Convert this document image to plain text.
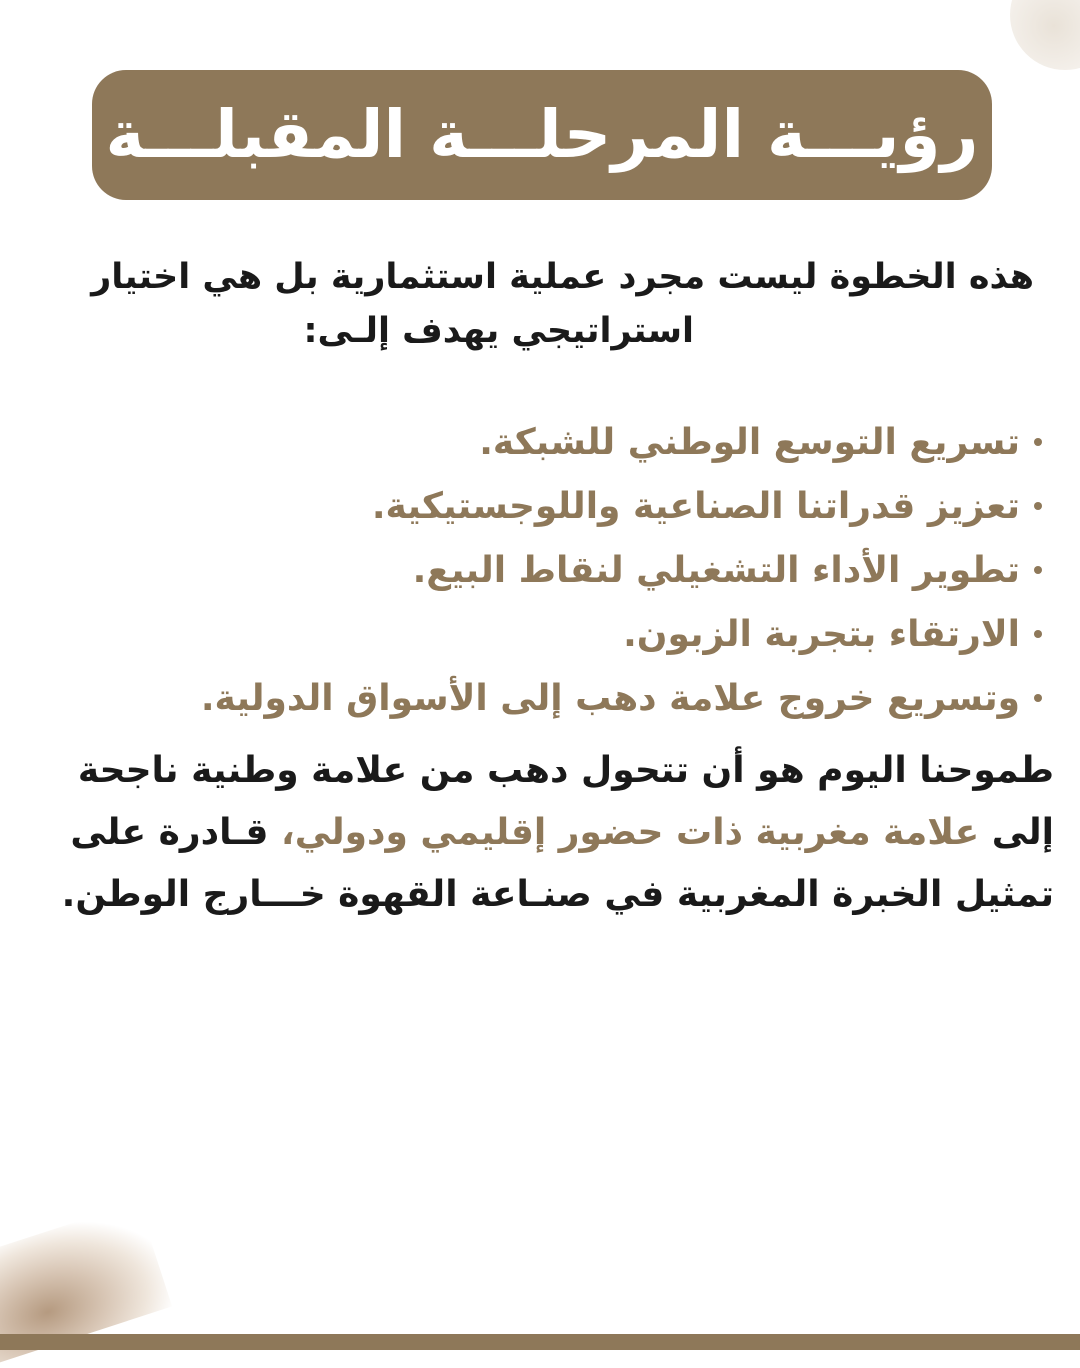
رؤيـــة المرحلـــة المقبلـــة
هذه الخطوة ليست مجرد عملية استثمارية بل هي اختيار
استراتيجي يهدف إلـى:
تسريع التوسع الوطني للشبكة.
تعزيز قدراتنا الصناعية واللوجستيكية.
تطوير الأداء التشغيلي لنقاط البيع.
الارتقاء بتجربة الزبون.
وتسريع خروج علامة دهب إلى الأسواق الدولية.
طموحنا اليوم هو أن تتحول دهب من علامة وطنية ناجحة
إلى علامة مغربية ذات حضور إقليمي ودولي، قـادرة على
تمثيل الخبرة المغربية في صنـاعة القهوة خـــارج الوطن.
